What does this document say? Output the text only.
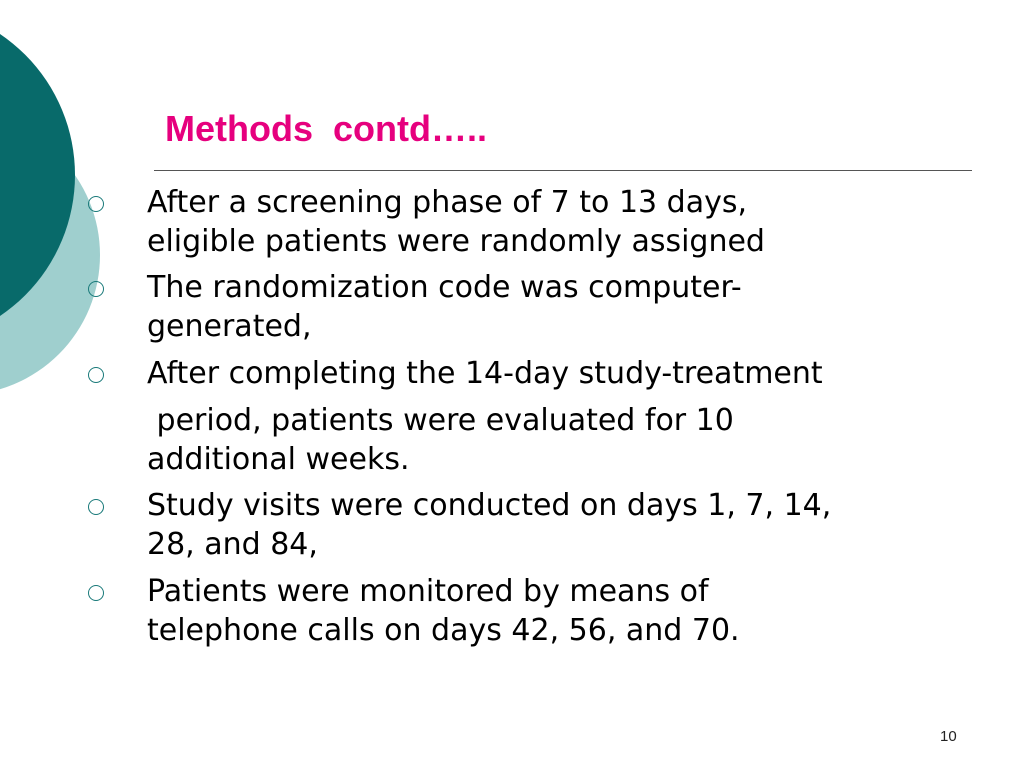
Methods  contd…..
After a screening phase of 7 to 13 days,
eligible patients were randomly assigned
The randomization code was computer-
generated,
After completing the 14-day study-treatment
period, patients were evaluated for 10
additional weeks.
Study visits were conducted on days 1, 7, 14,
28, and 84,
Patients were monitored by means of
telephone calls on days 42, 56, and 70.
10
